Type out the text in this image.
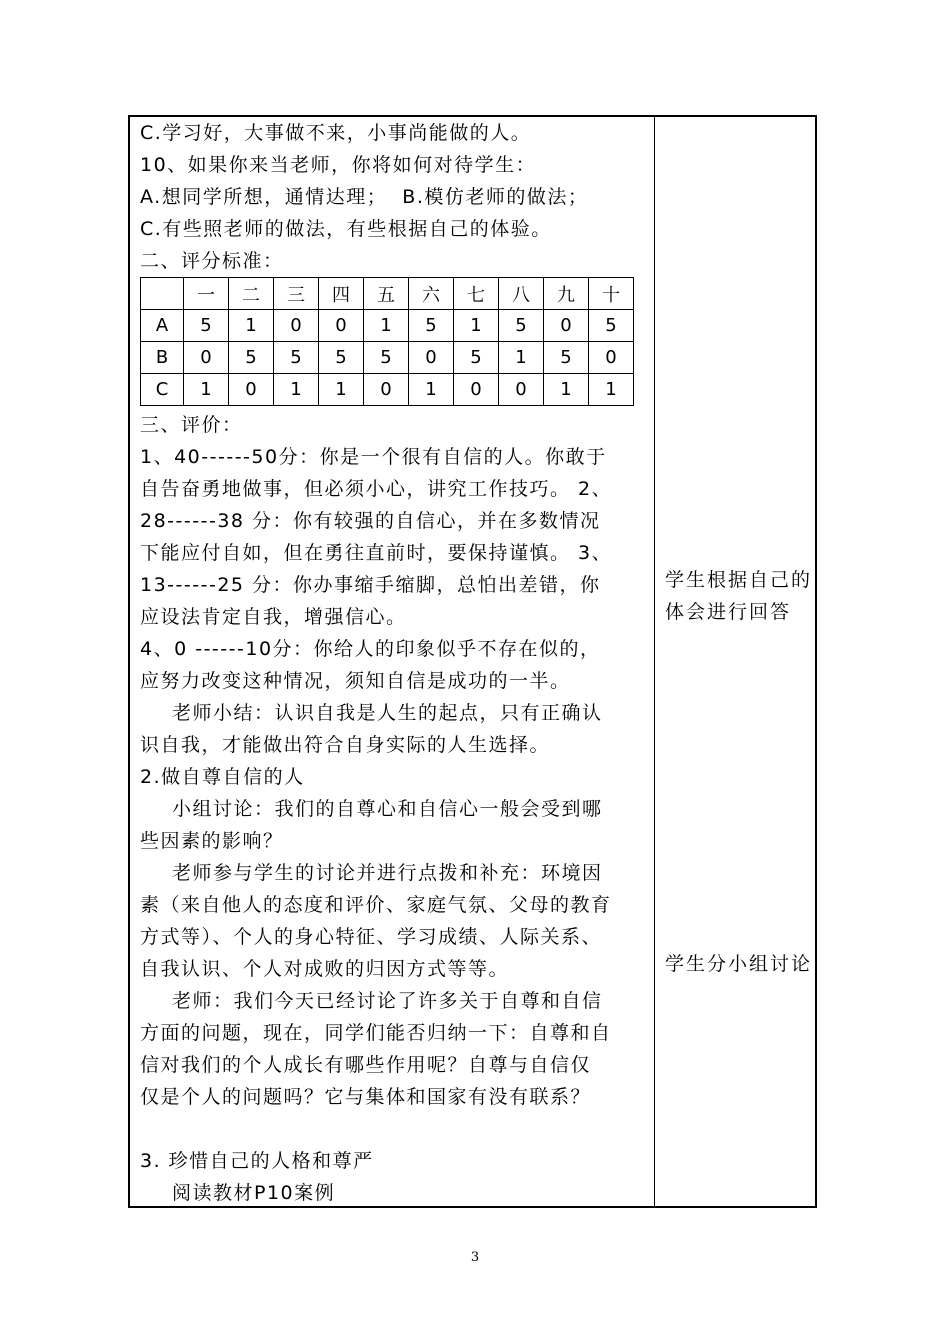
C.学习好，大事做不来，小事尚能做的人。
10、如果你来当老师，你将如何对待学生：
A.想同学所想，通情达理；  B.模仿老师的做法；
C.有些照老师的做法，有些根据自己的体验。
二、评分标准：
	一	二	三	四	五	六	七	八	九	十
A	5	1	0	0	1	5	1	5	0	5
B	0	5	5	5	5	0	5	1	5	0
C	1	0	1	1	0	1	0	0	1	1
三、评价：
1、40------50分：你是一个很有自信的人。你敢于
自告奋勇地做事，但必须小心，讲究工作技巧。 2、
28------38 分：你有较强的自信心，并在多数情况
下能应付自如，但在勇往直前时，要保持谨慎。 3、
13------25 分：你办事缩手缩脚，总怕出差错，你
应设法肯定自我，增强信心。
4、0 ------10分：你给人的印象似乎不存在似的，
应努力改变这种情况，须知自信是成功的一半。
老师小结：认识自我是人生的起点，只有正确认
识自我，才能做出符合自身实际的人生选择。
2.做自尊自信的人
小组讨论：我们的自尊心和自信心一般会受到哪
些因素的影响？
老师参与学生的讨论并进行点拨和补充：环境因
素（来自他人的态度和评价、家庭气氛、父母的教育
方式等）、个人的身心特征、学习成绩、人际关系、
自我认识、个人对成败的归因方式等等。
老师：我们今天已经讨论了许多关于自尊和自信
方面的问题，现在，同学们能否归纳一下：自尊和自
信对我们的个人成长有哪些作用呢？自尊与自信仅
仅是个人的问题吗？它与集体和国家有没有联系？
3. 珍惜自己的人格和尊严
阅读教材P10案例
学生根据自己的体会进行回答
学生分小组讨论
3
